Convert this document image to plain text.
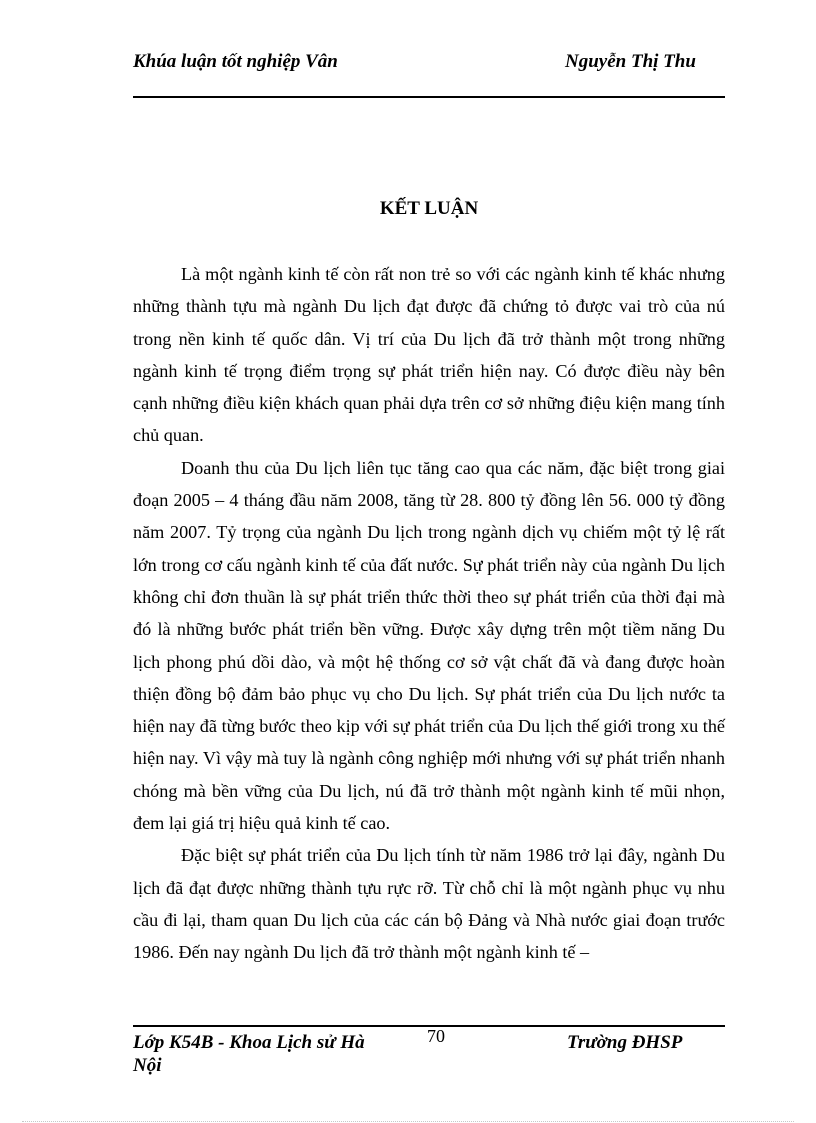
Khúa luận tốt nghiệp Vân	Nguyễn Thị Thu
KẾT LUẬN

Là một ngành kinh tế còn rất non trẻ so với các ngành kinh tế khác nhưng những thành tựu mà ngành Du lịch đạt được đã chứng tỏ được vai trò của nú trong nền kinh tế quốc dân. Vị trí của Du lịch đã trở thành một trong những ngành kinh tế trọng điểm trọng sự phát triển hiện nay. Có được điều này bên cạnh những điều kiện khách quan phải dựa trên cơ sở những điệu kiện mang tính chủ quan.

Doanh thu của Du lịch liên tục tăng cao qua các năm, đặc biệt trong giai đoạn 2005 – 4 tháng đầu năm 2008, tăng từ 28. 800 tỷ đồng lên 56. 000 tỷ đồng năm 2007. Tỷ trọng của ngành Du lịch trong ngành dịch vụ chiếm một tỷ lệ rất lớn trong cơ cấu ngành kinh tế của đất nước. Sự phát triển này của ngành Du lịch không chỉ đơn thuần là sự phát triển thức thời theo sự phát triển của thời đại mà đó là những bước phát triển bền vững. Được xây dựng trên một tiềm năng Du lịch phong phú dồi dào, và một hệ thống cơ sở vật chất đã và đang được hoàn thiện đồng bộ đảm bảo phục vụ cho Du lịch. Sự phát triển của Du lịch nước ta hiện nay đã từng bước theo kịp với sự phát triển của Du lịch thế giới trong xu thế hiện nay. Vì vậy mà tuy là ngành công nghiệp mới nhưng với sự phát triển nhanh chóng mà bền vững của Du lịch, nú đã trở thành một ngành kinh tế mũi nhọn, đem lại giá trị hiệu quả kinh tế cao.

Đặc biệt sự phát triển của Du lịch tính từ năm 1986 trở lại đây, ngành Du lịch đã đạt được những thành tựu rực rỡ. Từ chỗ chỉ là một ngành phục vụ nhu cầu đi lại, tham quan Du lịch của các cán bộ Đảng và Nhà nước giai đoạn trước 1986. Đến nay ngành Du lịch đã trở thành một ngành kinh tế –

Lớp K54B - Khoa Lịch sử Hà Nội
70	Trường ĐHSP
